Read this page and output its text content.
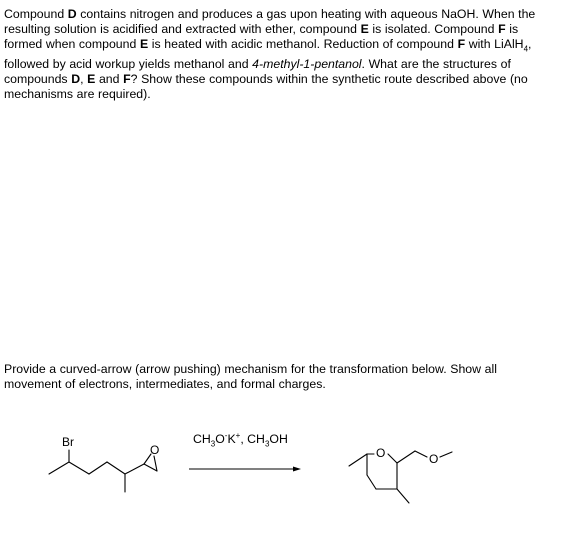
Compound D contains nitrogen and produces a gas upon heating with aqueous NaOH. When the resulting solution is acidified and extracted with ether, compound E is isolated. Compound F is formed when compound E is heated with acidic methanol. Reduction of compound F with LiAlH$_4$, followed by acid workup yields methanol and 4-methyl-1-pentanol. What are the structures of compounds D, E and F? Show these compounds within the synthetic route described above (no mechanisms are required).

Provide a curved-arrow (arrow pushing) mechanism for the transformation below. Show all movement of electrons, intermediates, and formal charges.

Br
O
$CH_3O^-K^+$, $CH_3OH$
O	O
